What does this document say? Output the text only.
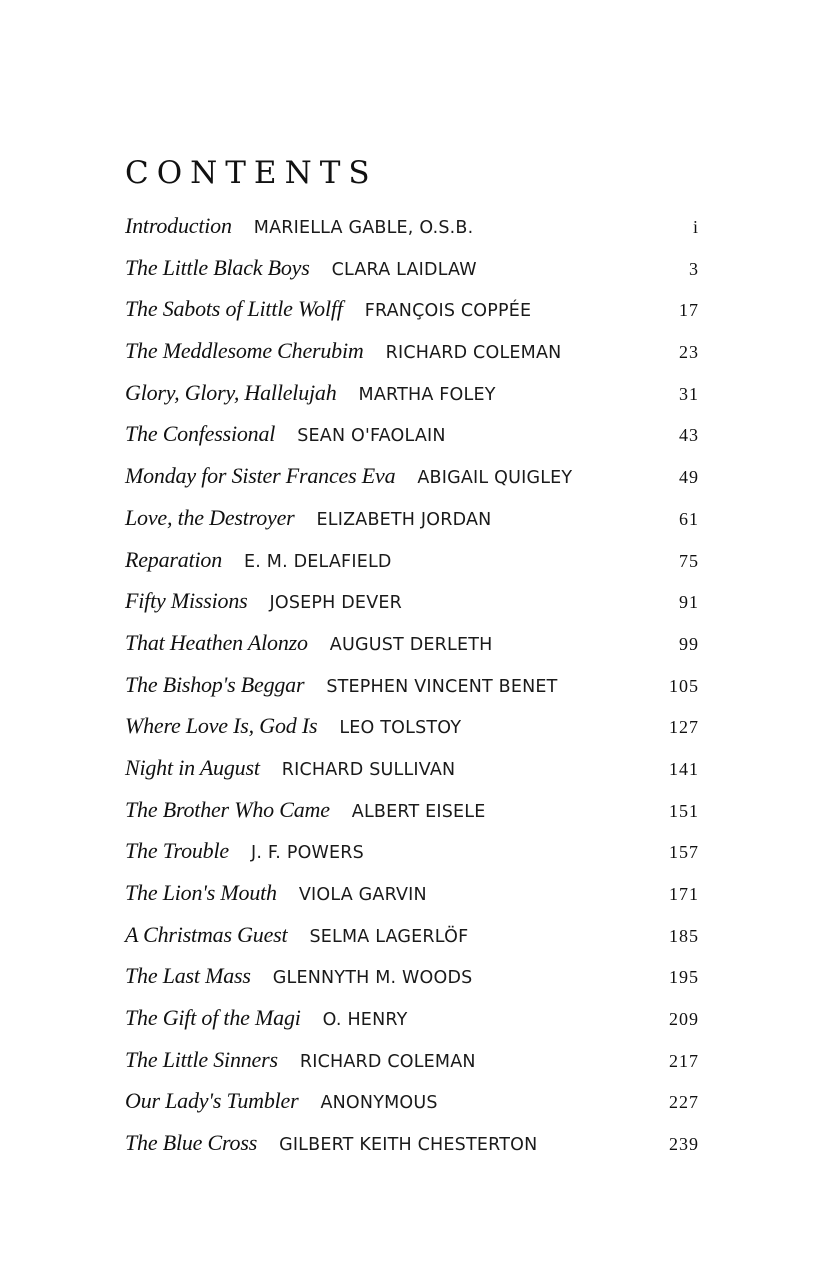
CONTENTS
Introduction MARIELLA GABLE, O.S.B.	i
The Little Black Boys CLARA LAIDLAW	3
The Sabots of Little Wolff FRANÇOIS COPPÉE	17
The Meddlesome Cherubim RICHARD COLEMAN	23
Glory, Glory, Hallelujah MARTHA FOLEY	31
The Confessional SEAN O'FAOLAIN	43
Monday for Sister Frances Eva ABIGAIL QUIGLEY	49
Love, the Destroyer ELIZABETH JORDAN	61
Reparation E. M. DELAFIELD	75
Fifty Missions JOSEPH DEVER	91
That Heathen Alonzo AUGUST DERLETH	99
The Bishop's Beggar STEPHEN VINCENT BENET	105
Where Love Is, God Is LEO TOLSTOY	127
Night in August RICHARD SULLIVAN	141
The Brother Who Came ALBERT EISELE	151
The Trouble J. F. POWERS	157
The Lion's Mouth VIOLA GARVIN	171
A Christmas Guest SELMA LAGERLÖF	185
The Last Mass GLENNYTH M. WOODS	195
The Gift of the Magi O. HENRY	209
The Little Sinners RICHARD COLEMAN	217
Our Lady's Tumbler ANONYMOUS	227
The Blue Cross GILBERT KEITH CHESTERTON	239
